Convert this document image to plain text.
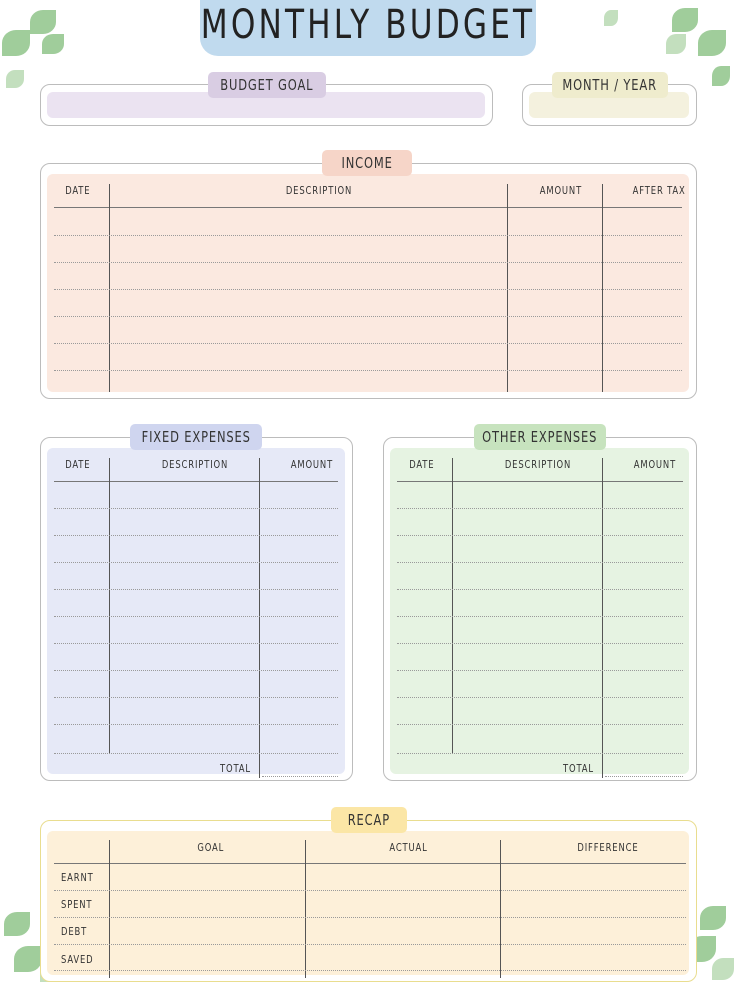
MONTHLY BUDGET
BUDGET GOAL	MONTH / YEAR
INCOME
DATE	DESCRIPTION	AMOUNT	AFTER TAX
FIXED EXPENSES
DATE	DESCRIPTION	AMOUNT
TOTAL
OTHER EXPENSES
DATE	DESCRIPTION	AMOUNT
TOTAL
RECAP
GOAL	ACTUAL	DIFFERENCE
EARNT
SPENT
DEBT
SAVED
